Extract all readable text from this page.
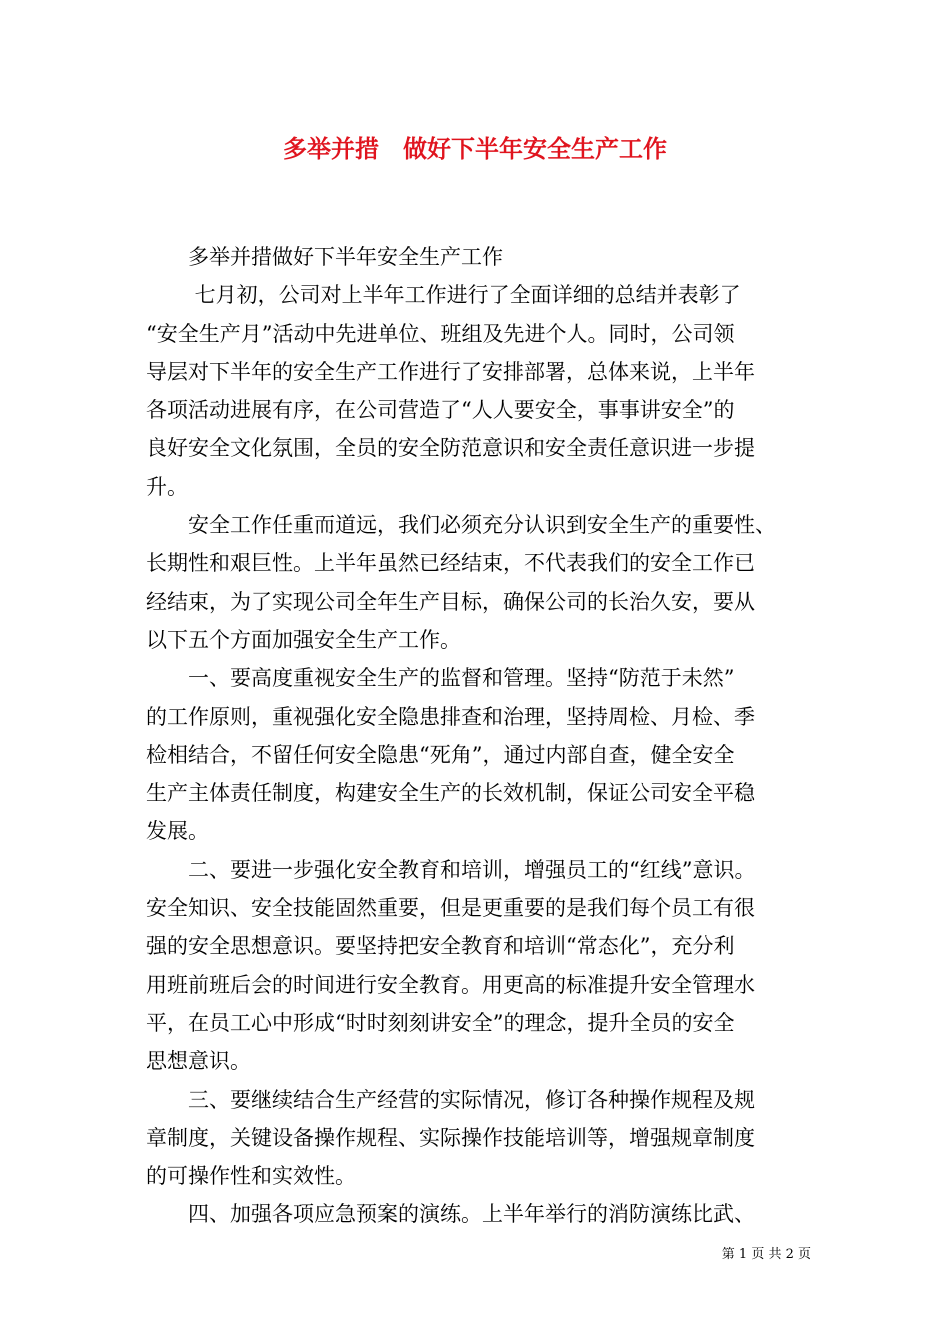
多举并措　做好下半年安全生产工作
多举并措做好下半年安全生产工作
七月初，公司对上半年工作进行了全面详细的总结并表彰了
“安全生产月”活动中先进单位、班组及先进个人。同时，公司领
导层对下半年的安全生产工作进行了安排部署，总体来说，上半年
各项活动进展有序，在公司营造了“人人要安全，事事讲安全”的
良好安全文化氛围，全员的安全防范意识和安全责任意识进一步提
升。
安全工作任重而道远，我们必须充分认识到安全生产的重要性、
长期性和艰巨性。上半年虽然已经结束，不代表我们的安全工作已
经结束，为了实现公司全年生产目标，确保公司的长治久安，要从
以下五个方面加强安全生产工作。
一、要高度重视安全生产的监督和管理。坚持“防范于未然”
的工作原则，重视强化安全隐患排查和治理，坚持周检、月检、季
检相结合，不留任何安全隐患“死角”，通过内部自查，健全安全
生产主体责任制度，构建安全生产的长效机制，保证公司安全平稳
发展。
二、要进一步强化安全教育和培训，增强员工的“红线”意识。
安全知识、安全技能固然重要，但是更重要的是我们每个员工有很
强的安全思想意识。要坚持把安全教育和培训“常态化”，充分利
用班前班后会的时间进行安全教育。用更高的标准提升安全管理水
平，在员工心中形成“时时刻刻讲安全”的理念，提升全员的安全
思想意识。
三、要继续结合生产经营的实际情况，修订各种操作规程及规
章制度，关键设备操作规程、实际操作技能培训等，增强规章制度
的可操作性和实效性。
四、加强各项应急预案的演练。上半年举行的消防演练比武、
第 1 页 共 2 页
